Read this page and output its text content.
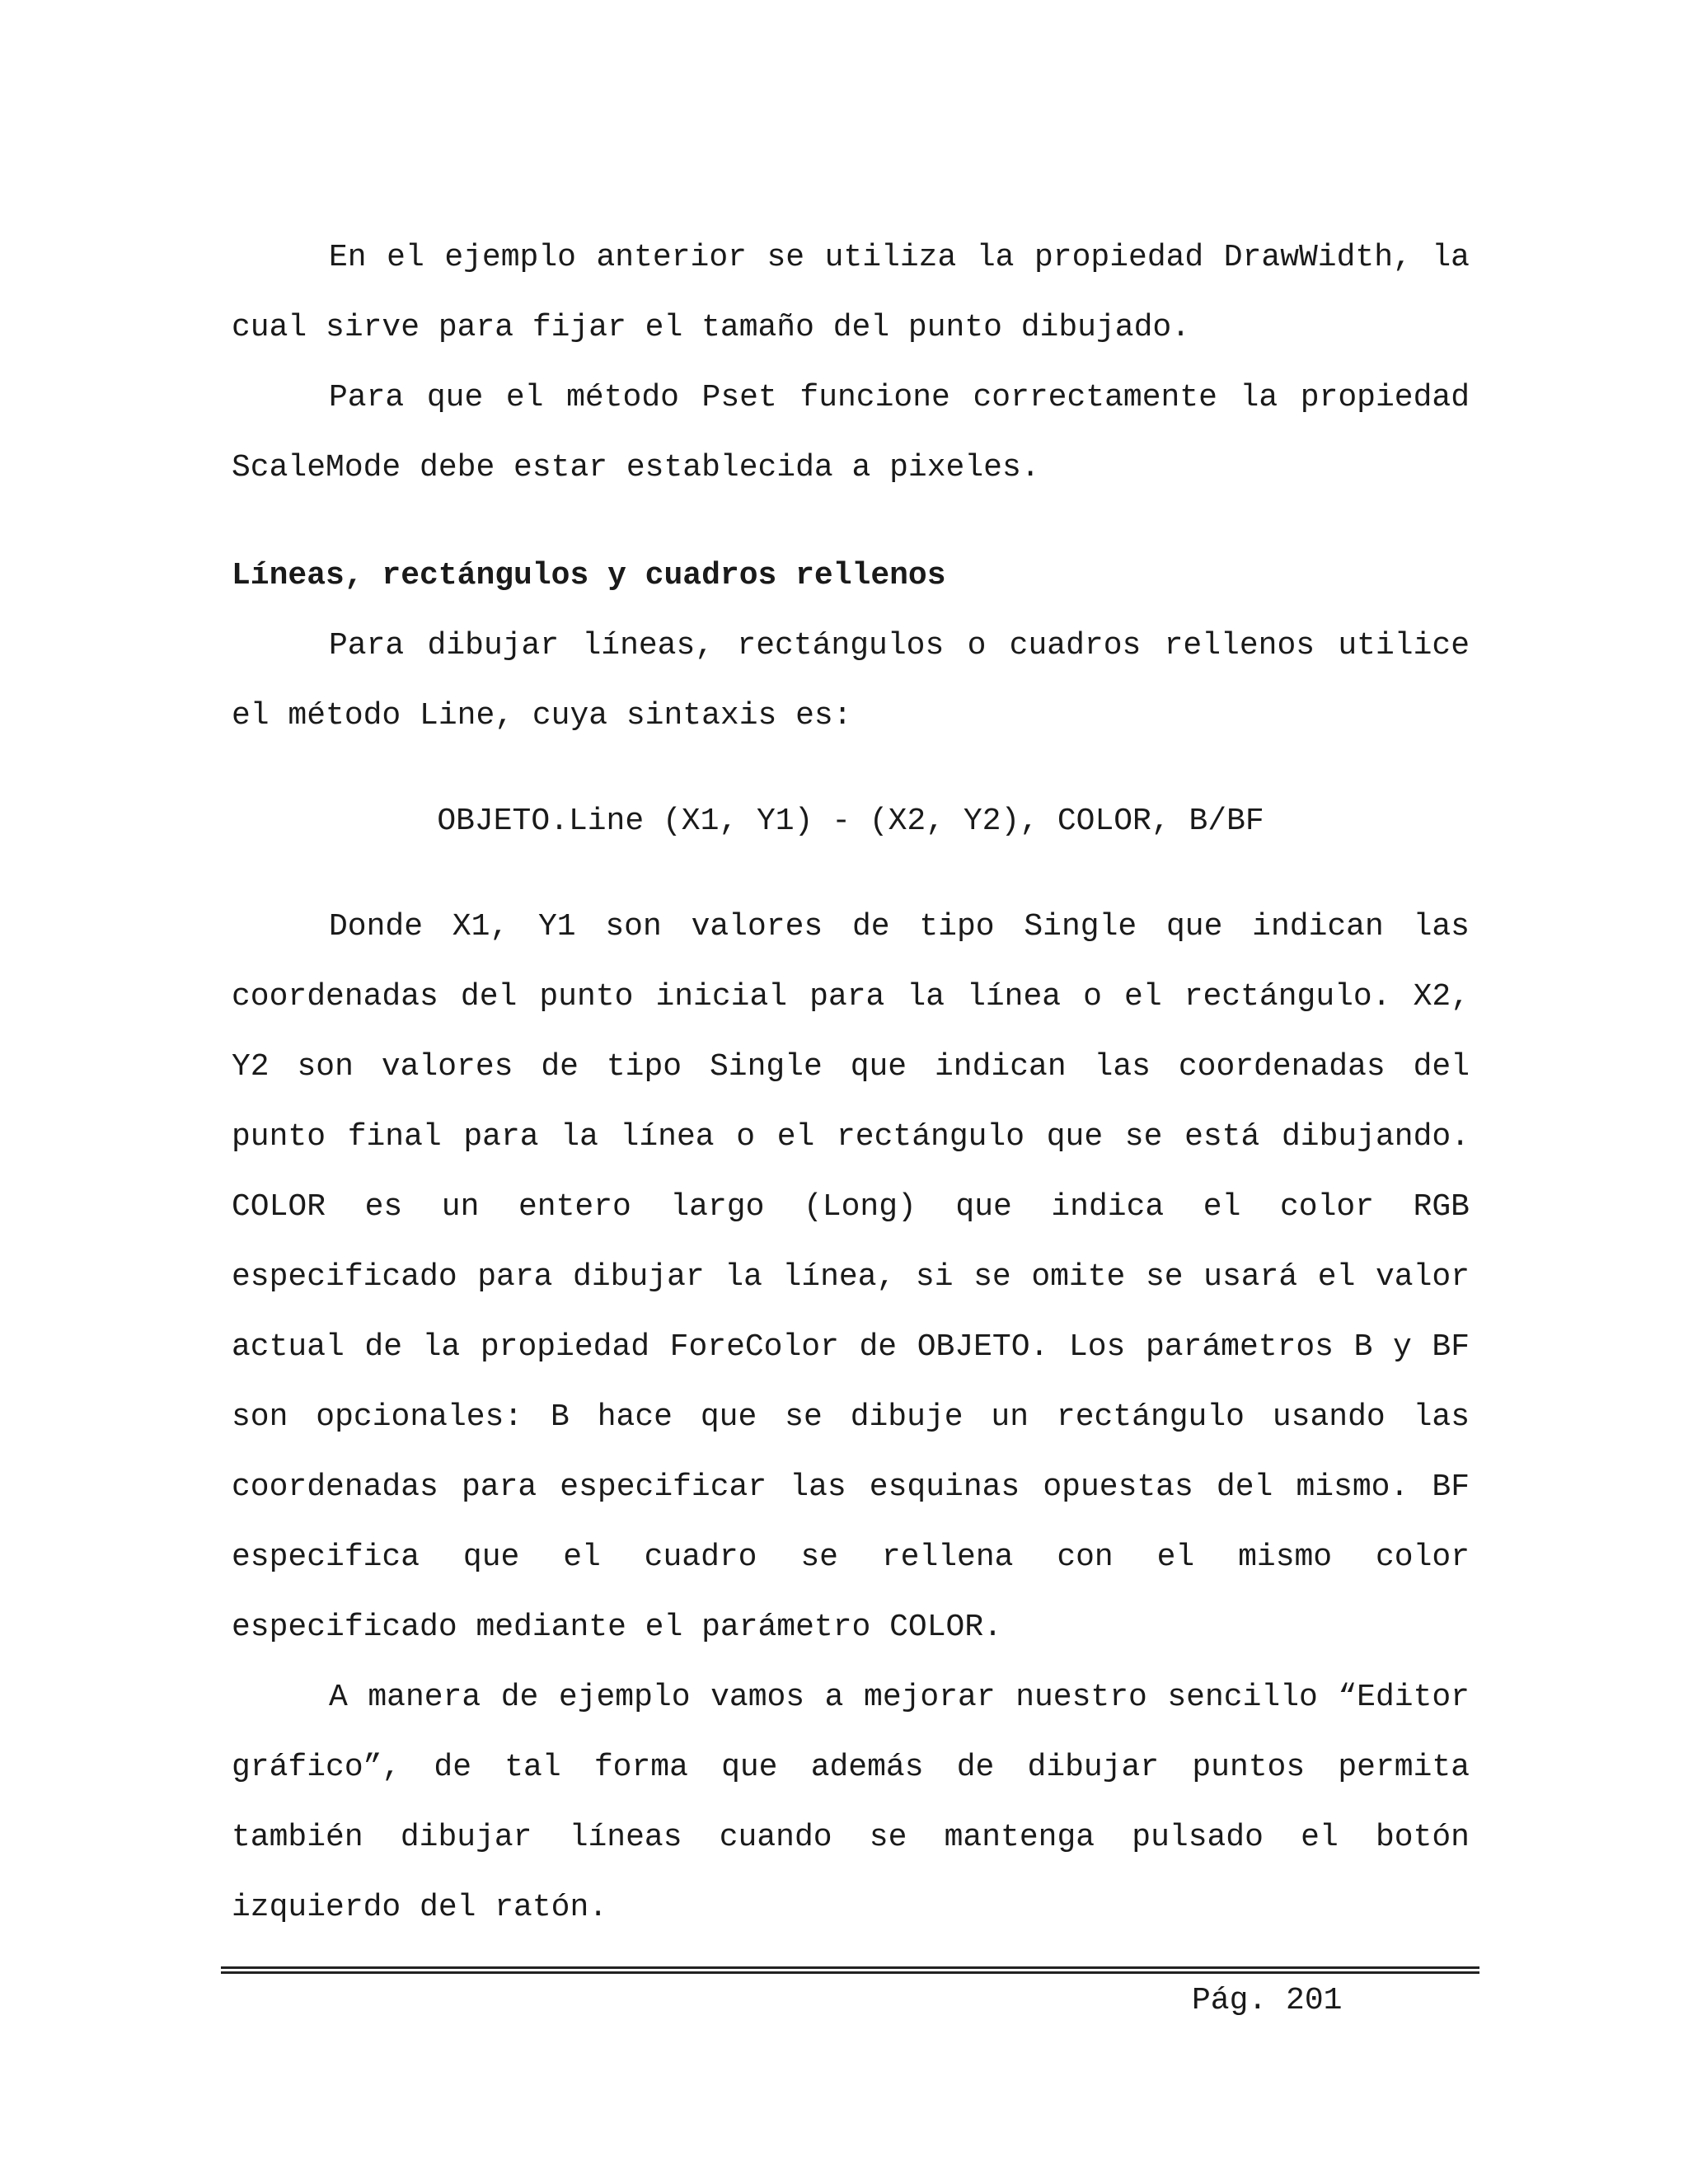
En el ejemplo anterior se utiliza la propiedad DrawWidth, la cual sirve para fijar el tamaño del punto dibujado.

Para que el método Pset funcione correctamente la propiedad ScaleMode debe estar establecida a pixeles.

Líneas, rectángulos y cuadros rellenos

Para dibujar líneas, rectángulos o cuadros rellenos utilice el método Line, cuya sintaxis es:

OBJETO.Line (X1, Y1) - (X2, Y2), COLOR, B/BF

Donde X1, Y1 son valores de tipo Single que indican las coordenadas del punto inicial para la línea o el rectángulo. X2, Y2 son valores de tipo Single que indican las coordenadas del punto final para la línea o el rectángulo que se está dibujando. COLOR es un entero largo (Long) que indica el color RGB especificado para dibujar la línea, si se omite se usará el valor actual de la propiedad ForeColor de OBJETO. Los parámetros B y BF son opcionales: B hace que se dibuje un rectángulo usando las coordenadas para especificar las esquinas opuestas del mismo. BF especifica que el cuadro se rellena con el mismo color especificado mediante el parámetro COLOR.

A manera de ejemplo vamos a mejorar nuestro sencillo “Editor gráfico”, de tal forma que además de dibujar puntos permita también dibujar líneas cuando se mantenga pulsado el botón izquierdo del ratón.

Pág. 201
